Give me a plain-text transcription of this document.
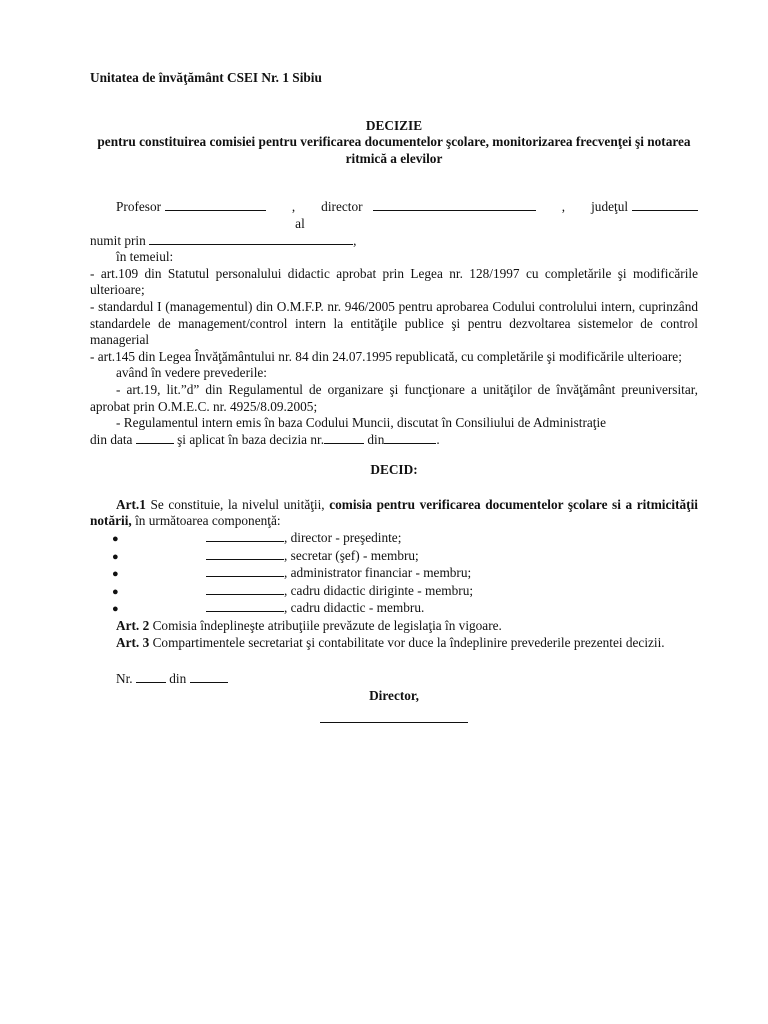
Unitatea de învăţământ CSEI Nr. 1 Sibiu
DECIZIE
pentru constituirea comisiei pentru verificarea documentelor şcolare, monitorizarea frecvenţei şi notarea ritmică a elevilor
Profesor	,	director al
,	judeţul
numit prin	,
în temeiul:
- art.109 din Statutul personalului didactic aprobat prin Legea nr. 128/1997 cu completările şi modificările ulterioare;
- standardul I (managementul) din O.M.F.P. nr. 946/2005 pentru aprobarea Codului controlului intern, cuprinzând standardele de management/control intern la entităţile publice şi pentru dezvoltarea sistemelor de control managerial
- art.145 din Legea Învăţământului nr. 84 din 24.07.1995 republicată, cu completările şi modificările ulterioare;
având în vedere prevederile:
- art.19, lit.”d” din Regulamentul de organizare şi funcţionare a unităţilor de învăţământ preuniversitar, aprobat prin O.M.E.C. nr. 4925/8.09.2005;
- Regulamentul intern emis în baza Codului Muncii, discutat în Consiliului de Administraţie
din data	şi aplicat în baza decizia nr.	din	.
DECID:
Art.1 Se constituie, la nivelul unităţii, comisia pentru verificarea documentelor şcolare si a ritmicităţii notării, în următoarea componenţă:
●	, director - preşedinte;
●	, secretar (şef) - membru;
●	, administrator financiar - membru;
●	, cadru didactic diriginte - membru;
●	, cadru didactic - membru.
Art. 2 Comisia îndeplineşte atribuţiile prevăzute de legislaţia în vigoare.
Art. 3 Compartimentele secretariat şi contabilitate vor duce la îndeplinire prevederile prezentei decizii.
Nr.	din
Director,
